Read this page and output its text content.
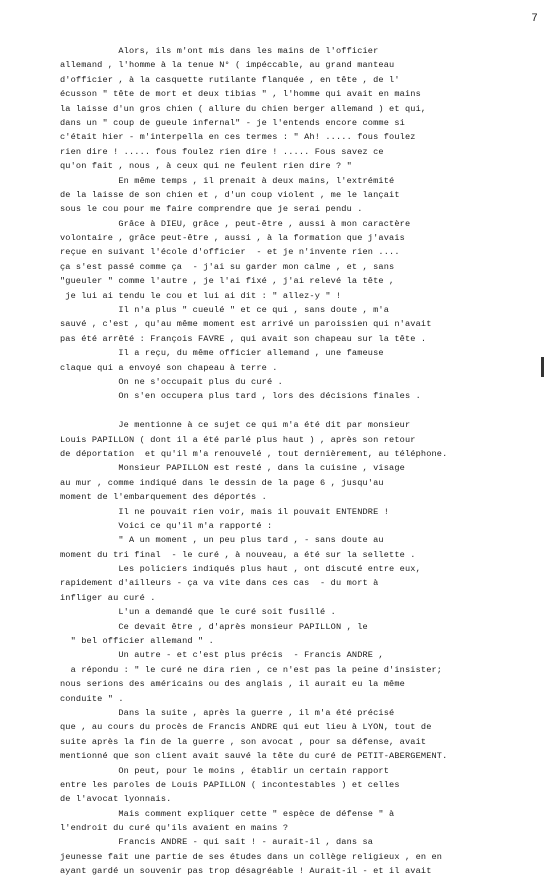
7
Alors, ils m'ont mis dans les mains de l'officier
allemand , l'homme à la tenue N° ( impéccable, au grand manteau
d'officier , à la casquette rutilante flanquée , en tête , de l'
écusson " tête de mort et deux tibias " , l'homme qui avait en mains
la laisse d'un gros chien ( allure du chien berger allemand ) et qui,
dans un " coup de gueule infernal" - je l'entends encore comme si
c'était hier - m'interpella en ces termes : " Ah! ..... fous foulez
rien dire ! ..... fous foulez rien dire ! ..... Fous savez ce
qu'on fait , nous , à ceux qui ne feulent rien dire ? "
En même temps , il prenait à deux mains, l'extrémité
de la laisse de son chien et , d'un coup violent , me le lançait
sous le cou pour me faire comprendre que je serai pendu .
Grâce à DIEU, grâce , peut-être , aussi à mon caractère
volontaire , grâce peut-être , aussi , à la formation que j'avais
reçue en suivant l'école d'officier  - et je n'invente rien ....
ça s'est passé comme ça  - j'ai su garder mon calme , et , sans
"gueuler " comme l'autre , je l'ai fixé , j'ai relevé la tête ,
je lui ai tendu le cou et lui ai dit : " allez-y " !
Il n'a plus " cueulé " et ce qui , sans doute , m'a
sauvé , c'est , qu'au même moment est arrivé un paroissien qui n'avait
pas été arrêté : François FAVRE , qui avait son chapeau sur la tête .
Il a reçu, du même officier allemand , une fameuse
claque qui a envoyé son chapeau à terre .
On ne s'occupait plus du curé .
On s'en occupera plus tard , lors des décisions finales .
Je mentionne à ce sujet ce qui m'a été dit par monsieur
Louis PAPILLON ( dont il a été parlé plus haut ) , après son retour
de déportation  et qu'il m'a renouvelé , tout dernièrement, au téléphone.
Monsieur PAPILLON est resté , dans la cuisine , visage
au mur , comme indiqué dans le dessin de la page 6 , jusqu'au
moment de l'embarquement des déportés .
Il ne pouvait rien voir, mais il pouvait ENTENDRE !
Voici ce qu'il m'a rapporté :
" A un moment , un peu plus tard , - sans doute au
moment du tri final  - le curé , à nouveau, a été sur la sellette .
Les policiers indiqués plus haut , ont discuté entre eux,
rapidement d'ailleurs - ça va vite dans ces cas  - du mort à
infliger au curé .
L'un a demandé que le curé soit fusillé .
Ce devait être , d'après monsieur PAPILLON , le
" bel officier allemand " .
Un autre - et c'est plus précis  - Francis ANDRE ,
a répondu : " le curé ne dira rien , ce n'est pas la peine d'insister;
nous serions des américains ou des anglais , il aurait eu la même
conduite " .
Dans la suite , après la guerre , il m'a été précisé
que , au cours du procès de Francis ANDRE qui eut lieu à LYON, tout de
suite après la fin de la guerre , son avocat , pour sa défense, avait
mentionné que son client avait sauvé la tête du curé de PETIT-ABERGEMENT.
On peut, pour le moins , établir un certain rapport
entre les paroles de Louis PAPILLON ( incontestables ) et celles
de l'avocat lyonnais.
Mais comment expliquer cette " espèce de défense " à
l'endroit du curé qu'ils avaient en mains ?
Francis ANDRE - qui sait ! - aurait-il , dans sa
jeunesse fait une partie de ses études dans un collège religieux , en en
ayant gardé un souvenir pas trop désagréable ! Aurait-il - et il avait
